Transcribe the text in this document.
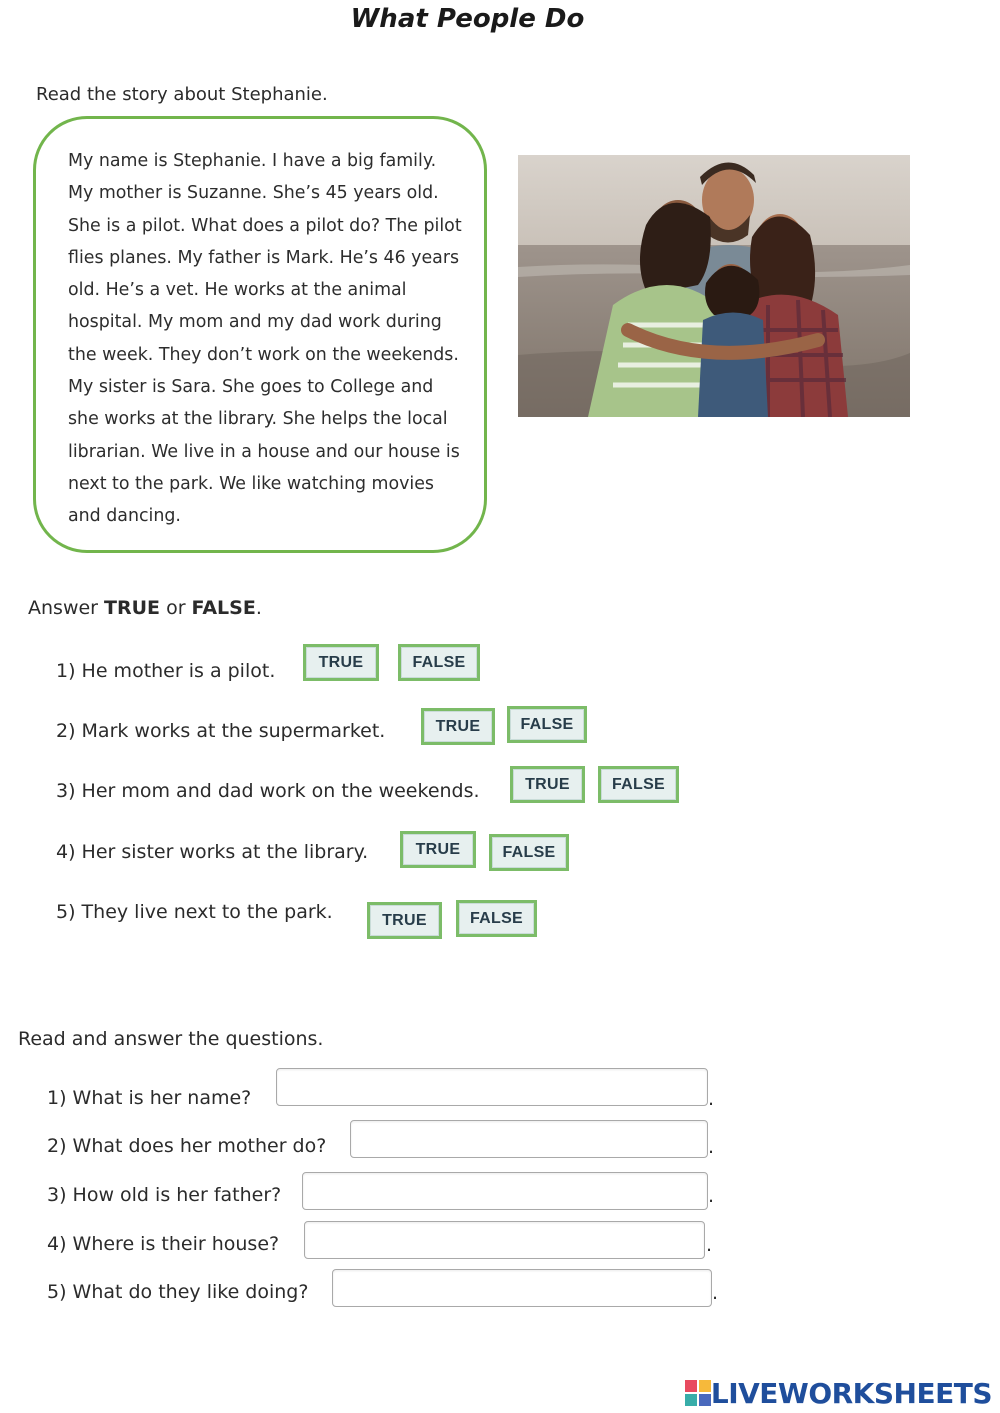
What People Do
Read the story about Stephanie.
My name is Stephanie. I have a big family. My mother is Suzanne. She’s 45 years old. She is a pilot. What does a pilot do? The pilot flies planes. My father is Mark. He’s 46 years old. He’s a vet. He works at the animal hospital. My mom and my dad work during the week. They don’t work on the weekends. My sister is Sara. She goes to College and she works at the library. She helps the local librarian. We live in a house and our house is next to the park. We like watching movies and dancing.
Answer TRUE or FALSE.
1) He mother is a pilot.	TRUE	FALSE
2) Mark works at the supermarket.	TRUE	FALSE
3) Her mom and dad work on the weekends.	TRUE	FALSE
4) Her sister works at the library.	TRUE	FALSE
5) They live next to the park.	TRUE	FALSE
Read and answer the questions.
1) What is her name?	.
2) What does her mother do?	.
3) How old is her father?	.
4) Where is their house?	.
5) What do they like doing?	.
LIVEWORKSHEETS
